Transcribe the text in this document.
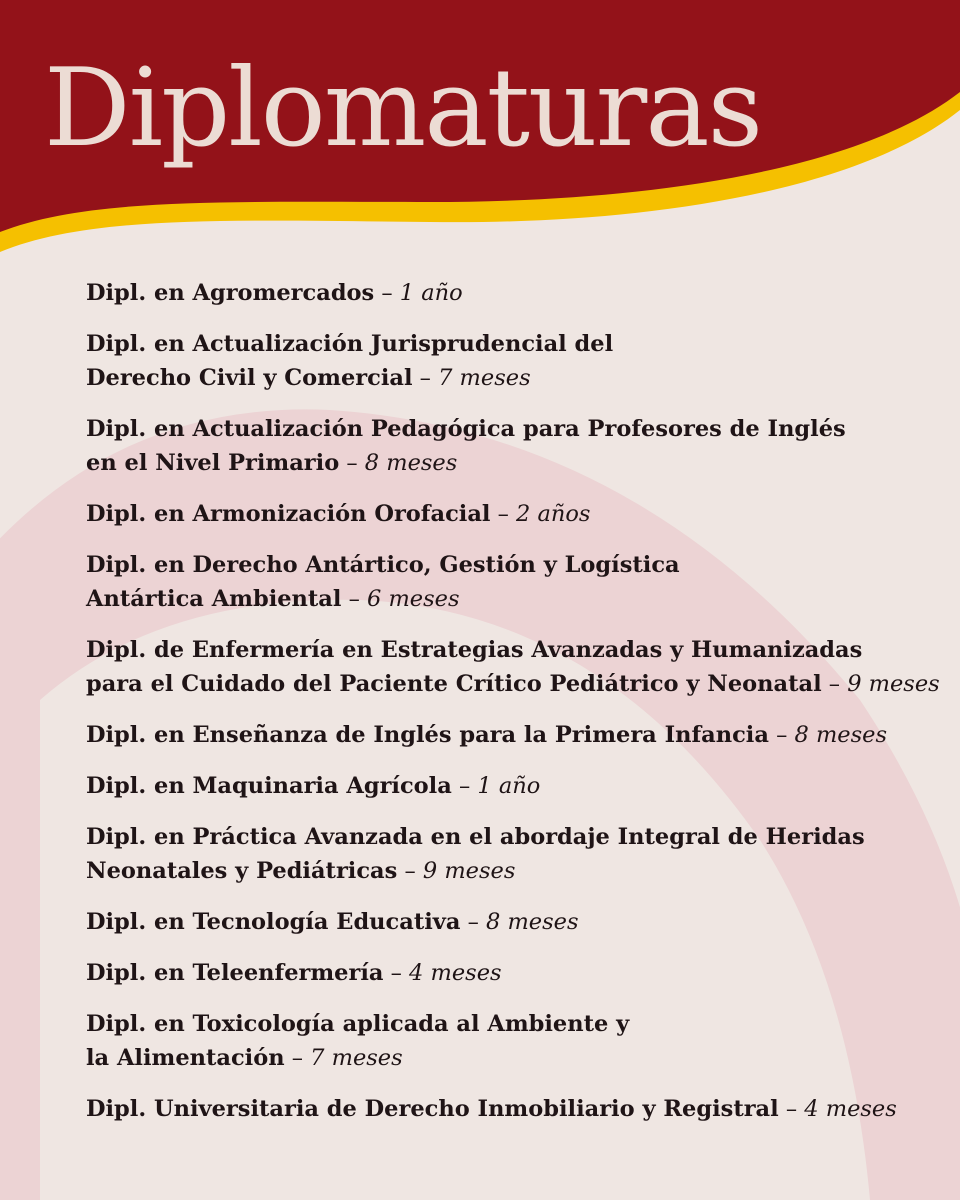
Diplomaturas
Dipl. en Agromercados – 1 año
Dipl. en Actualización Jurisprudencial del
Derecho Civil y Comercial – 7 meses
Dipl. en Actualización Pedagógica para Profesores de Inglés
en el Nivel Primario – 8 meses
Dipl. en Armonización Orofacial – 2 años
Dipl. en Derecho Antártico, Gestión y Logística
Antártica Ambiental – 6 meses
Dipl. de Enfermería en Estrategias Avanzadas y Humanizadas
para el Cuidado del Paciente Crítico Pediátrico y Neonatal – 9 meses
Dipl. en Enseñanza de Inglés para la Primera Infancia – 8 meses
Dipl. en Maquinaria Agrícola – 1 año
Dipl. en Práctica Avanzada en el abordaje Integral de Heridas
Neonatales y Pediátricas – 9 meses
Dipl. en Tecnología Educativa – 8 meses
Dipl. en Teleenfermería – 4 meses
Dipl. en Toxicología aplicada al Ambiente y
la Alimentación – 7 meses
Dipl. Universitaria de Derecho Inmobiliario y Registral – 4 meses
